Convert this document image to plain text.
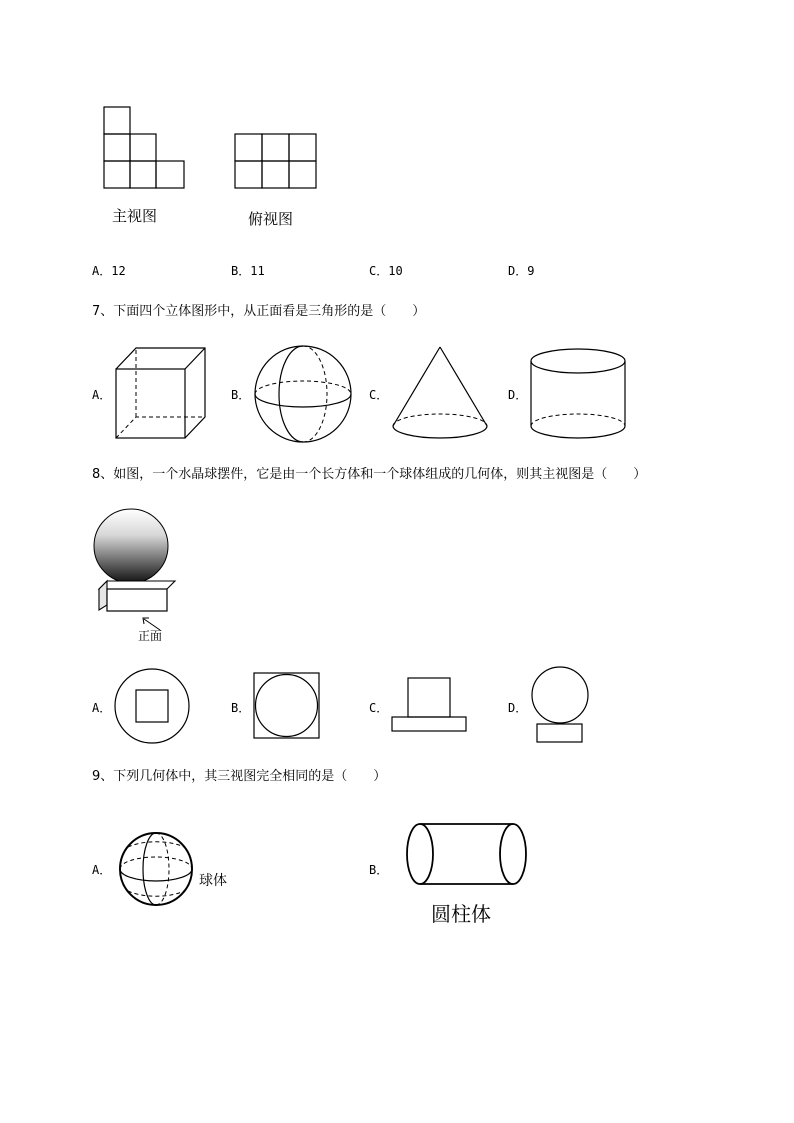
主视图	俯视图
A．12	B．11	C．10	D．9
7、下面四个立体图形中，从正面看是三角形的是（　　）
A．	B．	C．	D．
8、如图，一个水晶球摆件，它是由一个长方体和一个球体组成的几何体，则其主视图是（　　）
正面
A．	B．	C．	D．
9、下列几何体中，其三视图完全相同的是（　　）
A．	B．
球体
圆柱体
